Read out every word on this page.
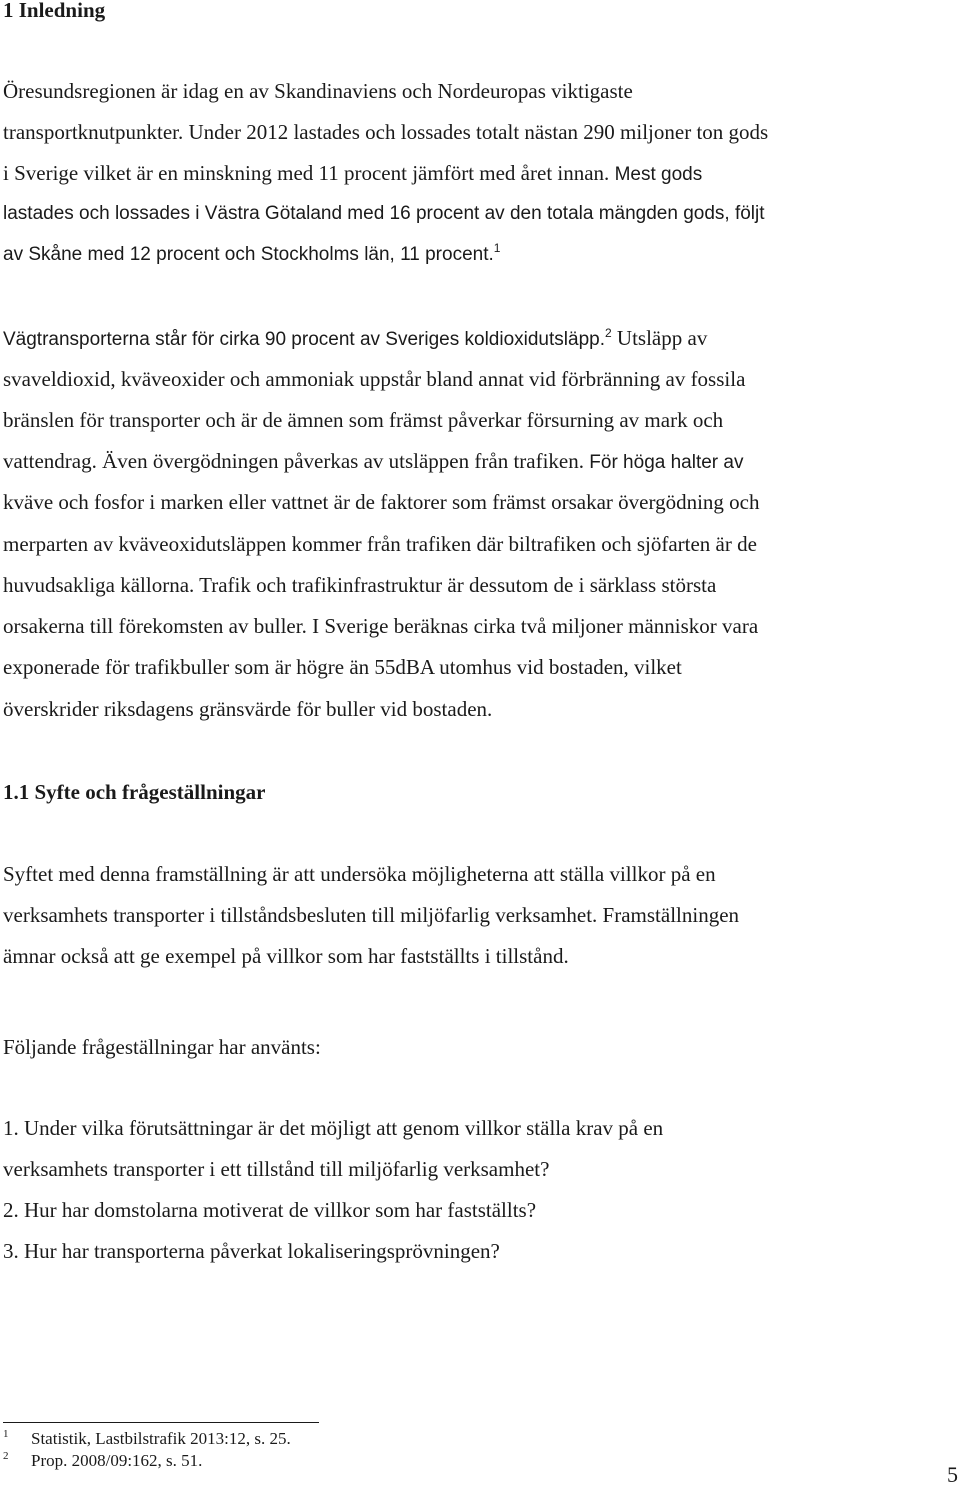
1 Inledning

Öresundsregionen är idag en av Skandinaviens och Nordeuropas viktigaste

transportknutpunkter. Under 2012 lastades och lossades totalt nästan 290 miljoner ton gods

i Sverige vilket är en minskning med 11 procent jämfört med året innan. Mest gods

lastades och lossades i Västra Götaland med 16 procent av den totala mängden gods, följt

av Skåne med 12 procent och Stockholms län, 11 procent.$^1$

Vägtransporterna står för cirka 90 procent av Sveriges koldioxidutsläpp.$^2$ Utsläpp av

svaveldioxid, kväveoxider och ammoniak uppstår bland annat vid förbränning av fossila

bränslen för transporter och är de ämnen som främst påverkar försurning av mark och

vattendrag. Även övergödningen påverkas av utsläppen från trafiken. För höga halter av

kväve och fosfor i marken eller vattnet är de faktorer som främst orsakar övergödning och

merparten av kväveoxidutsläppen kommer från trafiken där biltrafiken och sjöfarten är de

huvudsakliga källorna. Trafik och trafikinfrastruktur är dessutom de i särklass största

orsakerna till förekomsten av buller. I Sverige beräknas cirka två miljoner människor vara

exponerade för trafikbuller som är högre än 55dBA utomhus vid bostaden, vilket

överskrider riksdagens gränsvärde för buller vid bostaden.

1.1 Syfte och frågeställningar

Syftet med denna framställning är att undersöka möjligheterna att ställa villkor på en

verksamhets transporter i tillståndsbesluten till miljöfarlig verksamhet. Framställningen

ämnar också att ge exempel på villkor som har fastställts i tillstånd.

Följande frågeställningar har använts:

1. Under vilka förutsättningar är det möjligt att genom villkor ställa krav på en

verksamhets transporter i ett tillstånd till miljöfarlig verksamhet?

2. Hur har domstolarna motiverat de villkor som har fastställts?

3. Hur har transporterna påverkat lokaliseringsprövningen?

1 Statistik, Lastbilstrafik 2013:12, s. 25.
2 Prop. 2008/09:162, s. 51.
5
